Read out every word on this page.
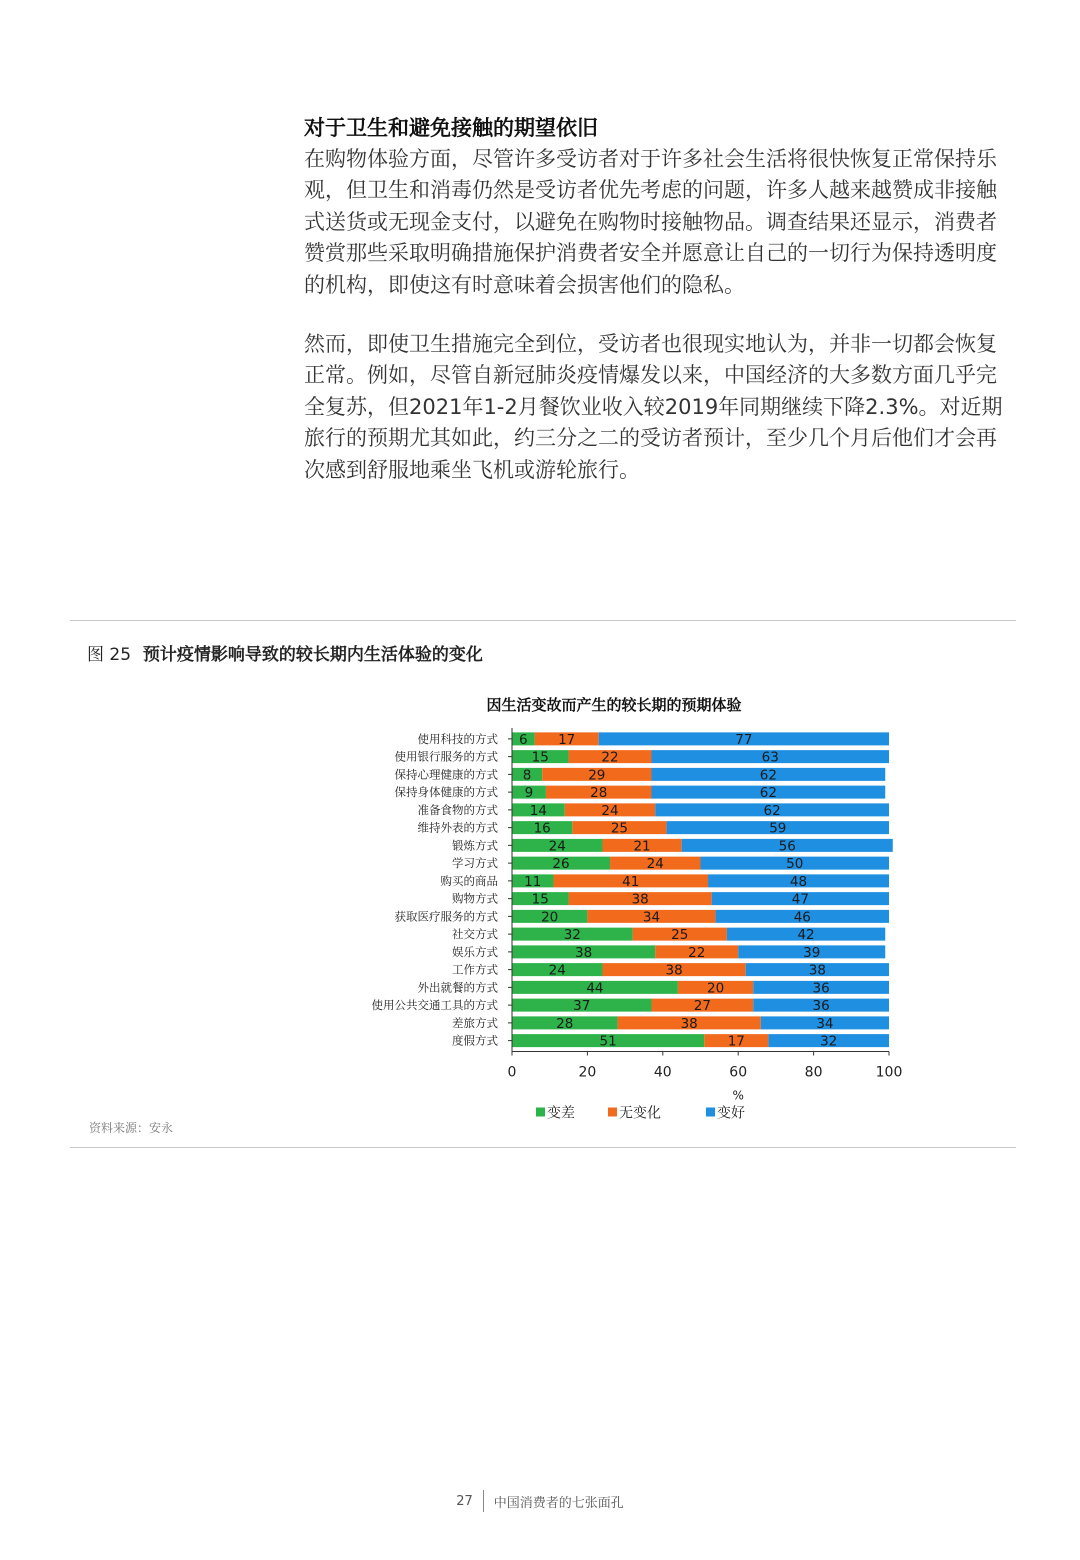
对于卫生和避免接触的期望依旧

在购物体验方面，尽管许多受访者对于许多社会生活将很快恢复正常保持乐观，但卫生和消毒仍然是受访者优先考虑的问题，许多人越来越赞成非接触式送货或无现金支付，以避免在购物时接触物品。调查结果还显示，消费者赞赏那些采取明确措施保护消费者安全并愿意让自己的一切行为保持透明度的机构，即使这有时意味着会损害他们的隐私。

然而，即使卫生措施完全到位，受访者也很现实地认为，并非一切都会恢复正常。例如，尽管自新冠肺炎疫情爆发以来，中国经济的大多数方面几乎完全复苏，但2021年1-2月餐饮业收入较2019年同期继续下降2.3%。对近期旅行的预期尤其如此，约三分之二的受访者预计，至少几个月后他们才会再次感到舒服地乘坐飞机或游轮旅行。

图 25 预计疫情影响导致的较长期内生活体验的变化
因生活变故而产生的较长期的预期体验
使用科技的方式 6 17	77
使用银行服务的方式 15	22	63
保持心理健康的方式 8	29	62
保持身体健康的方式 9	28	62
准备食物的方式 14	24	62
维持外表的方式	16	25	59
锻炼方式	24	21	56
学习方式	26	24	50
购买的商品 11	41	48
购物方式 15	38	47
获取医疗服务的方式	20	34	46
社交方式	32	25	42
娱乐方式	38	22	39
工作方式	24	38	38
外出就餐的方式	44	20	36
使用公共交通工具的方式	37	27	36
差旅方式	28	38	34
度假方式	51	17	32
0	20	40	60	80	100
%
变差	无变化	变好
资料来源：安永
27	中国消费者的七张面孔
